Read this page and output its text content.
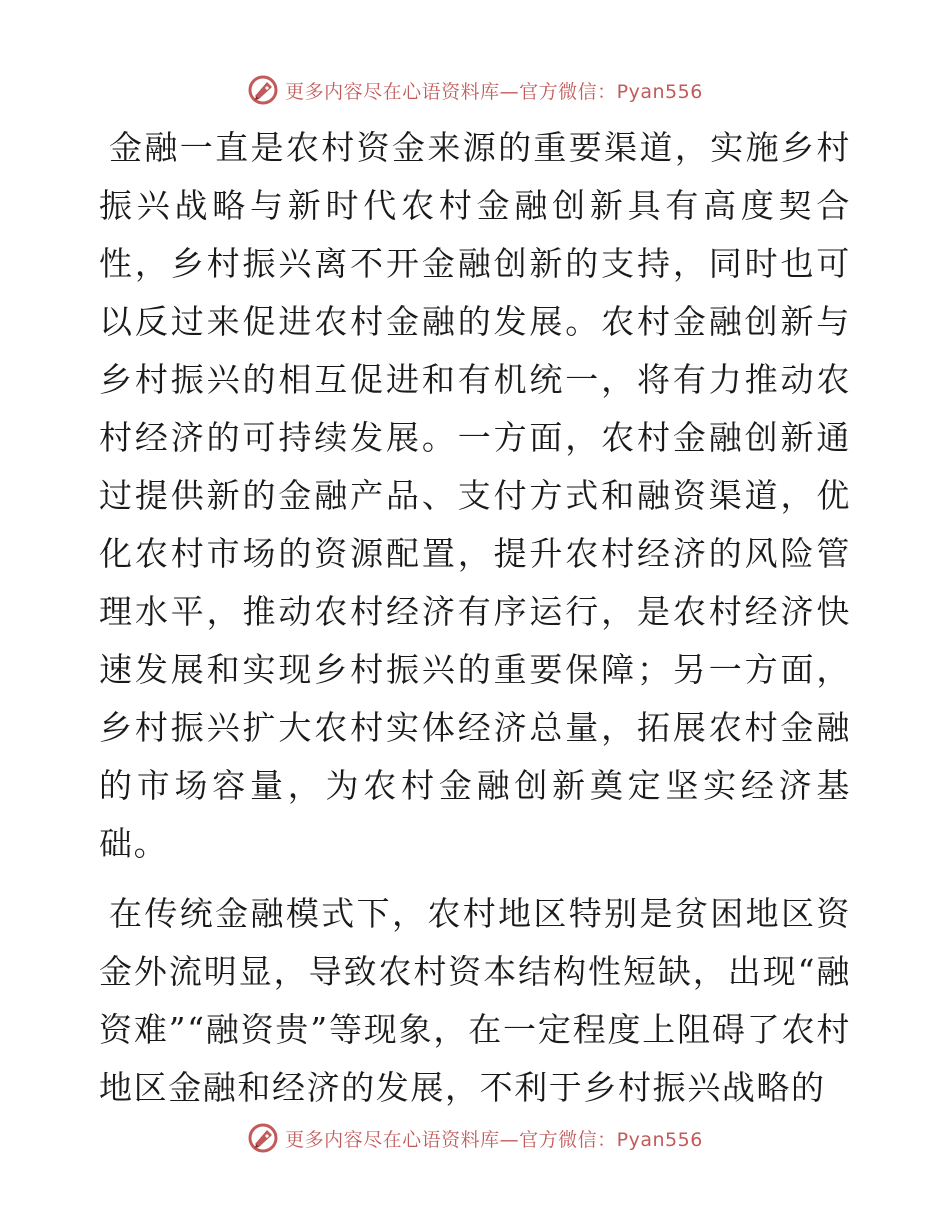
更多内容尽在心语资料库—官方微信：Pyan556

金融一直是农村资金来源的重要渠道，实施乡村振兴战略与新时代农村金融创新具有高度契合性，乡村振兴离不开金融创新的支持，同时也可以反过来促进农村金融的发展。农村金融创新与乡村振兴的相互促进和有机统一，将有力推动农村经济的可持续发展。一方面，农村金融创新通过提供新的金融产品、支付方式和融资渠道，优化农村市场的资源配置，提升农村经济的风险管理水平，推动农村经济有序运行，是农村经济快速发展和实现乡村振兴的重要保障；另一方面，乡村振兴扩大农村实体经济总量，拓展农村金融的市场容量，为农村金融创新奠定坚实经济基础。

在传统金融模式下，农村地区特别是贫困地区资金外流明显，导致农村资本结构性短缺，出现“融资难”“融资贵”等现象，在一定程度上阻碍了农村地区金融和经济的发展，不利于乡村振兴战略的

更多内容尽在心语资料库—官方微信：Pyan556
